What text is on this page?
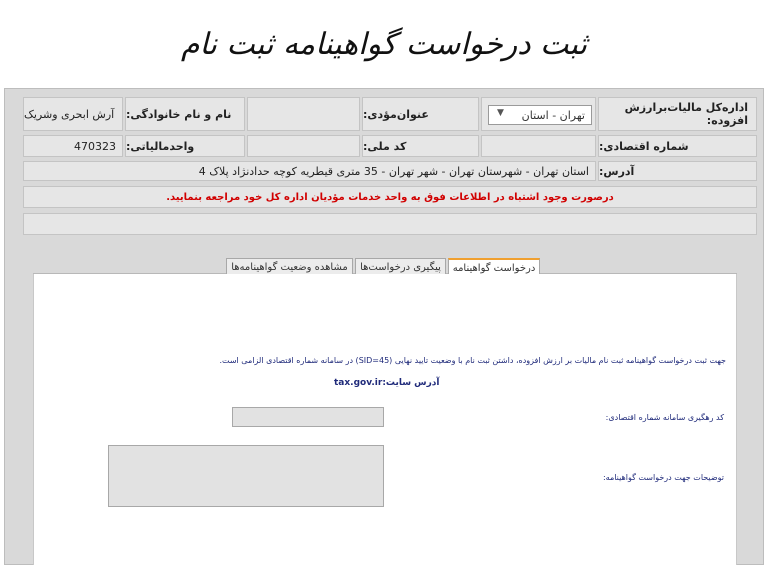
ثبت درخواست گواهینامه ثبت نام
اداره‌کل مالیات‌برارزش افزوده:
تهران - استان
▼
عنوان‌مؤدی:
نام و نام خانوادگی:
آرش ابحری وشریک
شماره اقتصادی:
کد ملی:
واحدمالیاتی:
470323
آدرس:
استان تهران - شهرستان تهران - شهر تهران - 35 متری قیطریه کوچه حدادنژاد پلاک 4
درصورت وجود اشتباه در اطلاعات فوق به واحد خدمات مؤدیان اداره کل خود مراجعه بنمایید.
درخواست گواهینامه
پیگیری درخواست‌ها
مشاهده وضعیت گواهینامه‌ها
جهت ثبت درخواست گواهینامه ثبت نام مالیات بر ارزش افزوده، داشتن ثبت نام با وضعیت تایید نهایی (SID=45) در سامانه شماره اقتصادی الزامی است.
آدرس سایت:tax.gov.ir
کد رهگیری سامانه شماره اقتصادی:
توضیحات جهت درخواست گواهینامه:
